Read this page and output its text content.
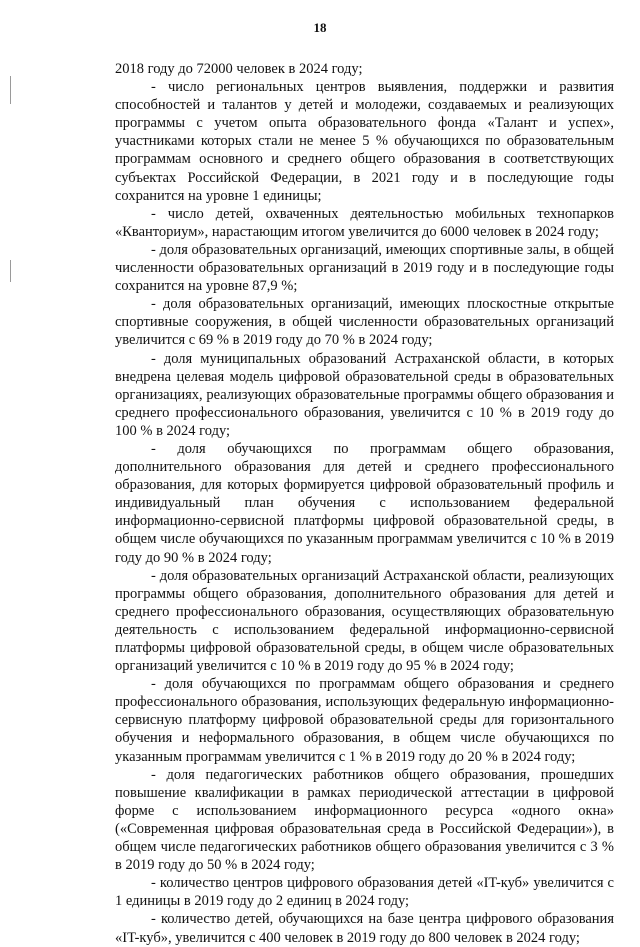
18

2018 году до 72000 человек в 2024 году;

- число региональных центров выявления, поддержки и развития способностей и талантов у детей и молодежи, создаваемых и реализующих программы с учетом опыта образовательного фонда «Талант и успех», участниками которых стали не менее 5 % обучающихся по образовательным программам основного и среднего общего образования в соответствующих субъектах Российской Федерации, в 2021 году и в последующие годы сохранится на уровне 1 единицы;

- число детей, охваченных деятельностью мобильных технопарков «Кванториум», нарастающим итогом увеличится до 6000 человек в 2024 году;

- доля образовательных организаций, имеющих спортивные залы, в общей численности образовательных организаций в 2019 году и в последующие годы сохранится на уровне 87,9 %;

- доля образовательных организаций, имеющих плоскостные открытые спортивные сооружения, в общей численности образовательных организаций увеличится с 69 % в 2019 году до 70 % в 2024 году;

- доля муниципальных образований Астраханской области, в которых внедрена целевая модель цифровой образовательной среды в образовательных организациях, реализующих образовательные программы общего образования и среднего профессионального образования, увеличится с 10 % в 2019 году до 100 % в 2024 году;

- доля обучающихся по программам общего образования, дополнительного образования для детей и среднего профессионального образования, для которых формируется цифровой образовательный профиль и индивидуальный план обучения с использованием федеральной информационно-сервисной платформы цифровой образовательной среды, в общем числе обучающихся по указанным программам увеличится с 10 % в 2019 году до 90 % в 2024 году;

- доля образовательных организаций Астраханской области, реализующих программы общего образования, дополнительного образования для детей и среднего профессионального образования, осуществляющих образовательную деятельность с использованием федеральной информационно-сервисной платформы цифровой образовательной среды, в общем числе образовательных организаций увеличится с 10 % в 2019 году до 95 % в 2024 году;

- доля обучающихся по программам общего образования и среднего профессионального образования, использующих федеральную информационно-сервисную платформу цифровой образовательной среды для горизонтального обучения и неформального образования, в общем числе обучающихся по указанным программам увеличится с 1 % в 2019 году до 20 % в 2024 году;

- доля педагогических работников общего образования, прошедших повышение квалификации в рамках периодической аттестации в цифровой форме с использованием информационного ресурса «одного окна» («Современная цифровая образовательная среда в Российской Федерации»), в общем числе педагогических работников общего образования увеличится с 3 % в 2019 году до 50 % в 2024 году;

- количество центров цифрового образования детей «IT-куб» увеличится с 1 единицы в 2019 году до 2 единиц в 2024 году;

- количество детей, обучающихся на базе центра цифрового образования «IT-куб», увеличится с 400 человек в 2019 году до 800 человек в 2024 году;
